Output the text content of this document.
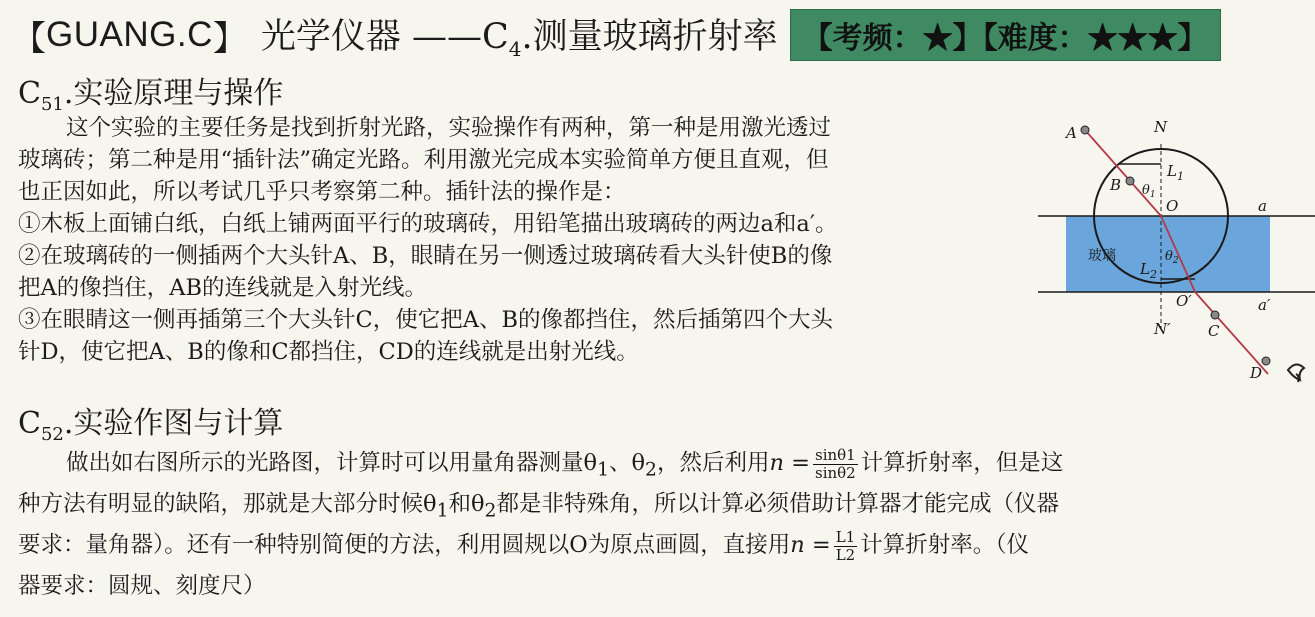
【 GUANG.C 】 光学仪器 $——C_4$.测量玻璃折射率 【考频：★】【难度：★★★】
$C_{51}$.实验原理与操作
这个实验的主要任务是找到折射光路，实验操作有两种，第一种是用激光透过
玻璃砖；第二种是用“插针法”确定光路。利用激光完成本实验简单方便且直观，但
也正因如此，所以考试几乎只考察第二种。插针法的操作是：
①木板上面铺白纸，白纸上铺两面平行的玻璃砖，用铅笔描出玻璃砖的两边a和a′。
②在玻璃砖的一侧插两个大头针A、B，眼睛在另一侧透过玻璃砖看大头针使B的像
把A的像挡住，AB的连线就是入射光线。
③在眼睛这一侧再插第三个大头针C，使它把A、B的像都挡住，然后插第四个大头
针D，使它把A、B的像和C都挡住，CD的连线就是出射光线。
A	N
$L_1$
B $\theta_1$
O	a
玻璃	$\theta_2$
$L_2$
O′	a′
N′ C
D
$C_{52}$.实验作图与计算
做出如右图所示的光路图，计算时可以用量角器测量$\theta_1$、$\theta_2$，然后利用$n = \frac{\sin\theta 1}{\sin\theta 2}$ 计算折射率，但是这
种方法有明显的缺陷，那就是大部分时候$\theta_1$和$\theta_2$都是非特殊角，所以计算必须借助计算器才能完成（仪器
要求：量角器）。还有一种特别简便的方法，利用圆规以O为原点画圆，直接用$n = \frac{L1}{L2}$ 计算折射率。（仪
器要求：圆规、刻度尺）
